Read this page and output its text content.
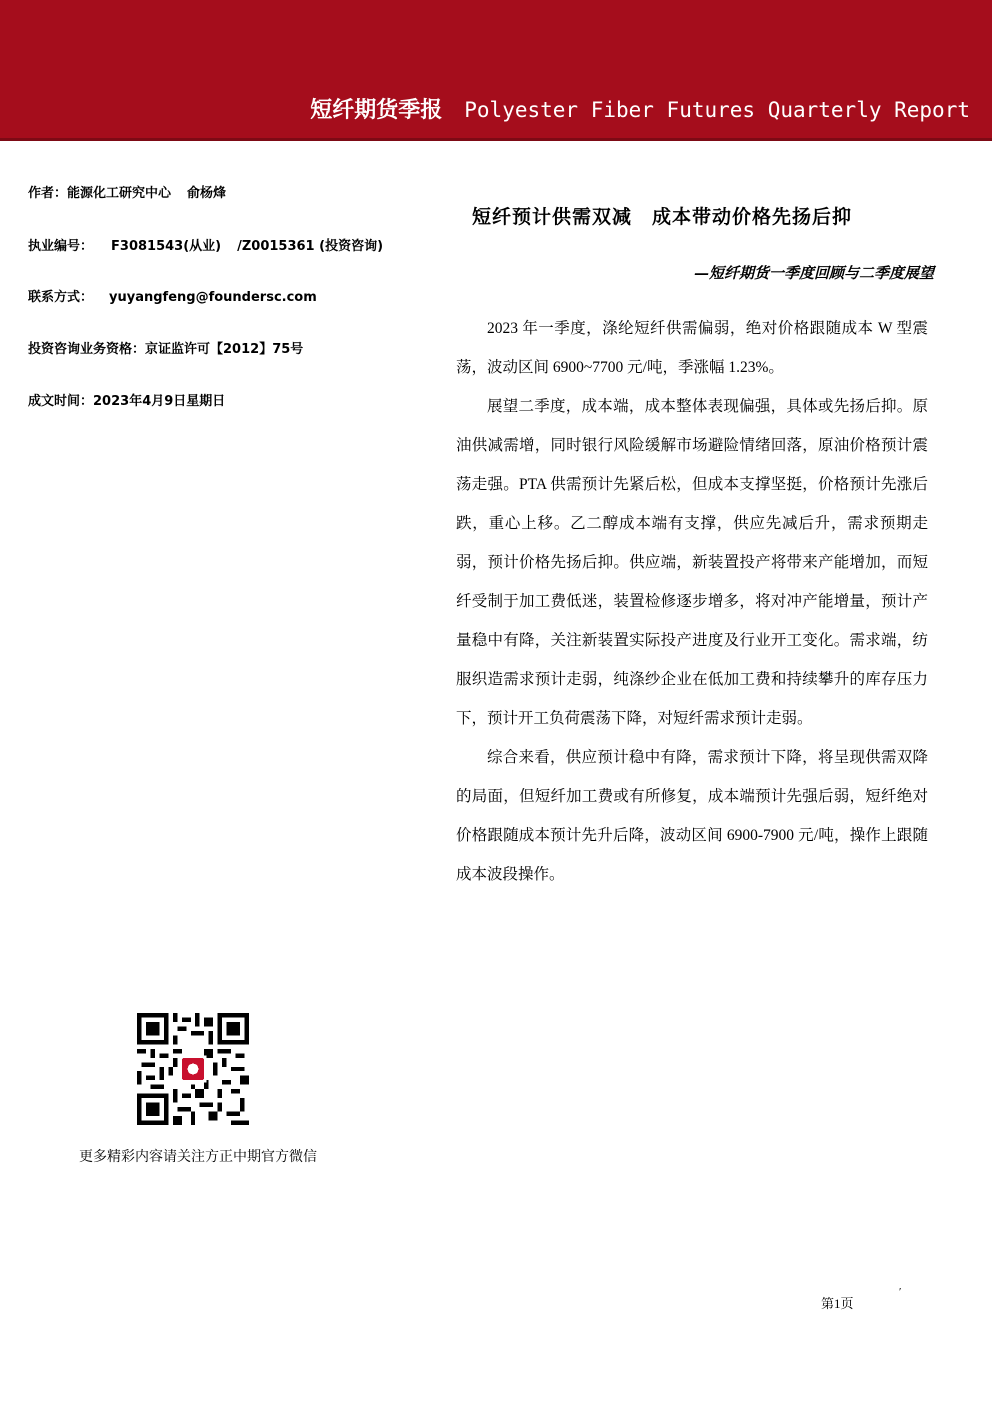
短纤期货季报 Polyester Fiber Futures Quarterly Report
作者：能源化工研究中心 俞杨烽
执业编号： F3081543(从业) /Z0015361 (投资咨询)
联系方式： yuyangfeng@foundersc.com
投资咨询业务资格：京证监许可【2012】75号
成文时间：2023年4月9日星期日
短纤预计供需双减 成本带动价格先扬后抑
—短纤期货一季度回顾与二季度展望

2023 年一季度，涤纶短纤供需偏弱，绝对价格跟随成本 W 型震荡，波动区间 6900~7700 元/吨，季涨幅 1.23%。

展望二季度，成本端，成本整体表现偏强，具体或先扬后抑。原油供减需增，同时银行风险缓解市场避险情绪回落，原油价格预计震荡走强。PTA 供需预计先紧后松，但成本支撑坚挺，价格预计先涨后跌，重心上移。乙二醇成本端有支撑，供应先减后升，需求预期走弱，预计价格先扬后抑。供应端，新装置投产将带来产能增加，而短纤受制于加工费低迷，装置检修逐步增多，将对冲产能增量，预计产量稳中有降，关注新装置实际投产进度及行业开工变化。需求端，纺服织造需求预计走弱，纯涤纱企业在低加工费和持续攀升的库存压力下，预计开工负荷震荡下降，对短纤需求预计走弱。

综合来看，供应预计稳中有降，需求预计下降，将呈现供需双降的局面，但短纤加工费或有所修复，成本端预计先强后弱，短纤绝对价格跟随成本预计先升后降，波动区间 6900-7900 元/吨，操作上跟随成本波段操作。

更多精彩内容请关注方正中期官方微信
第1页
′
